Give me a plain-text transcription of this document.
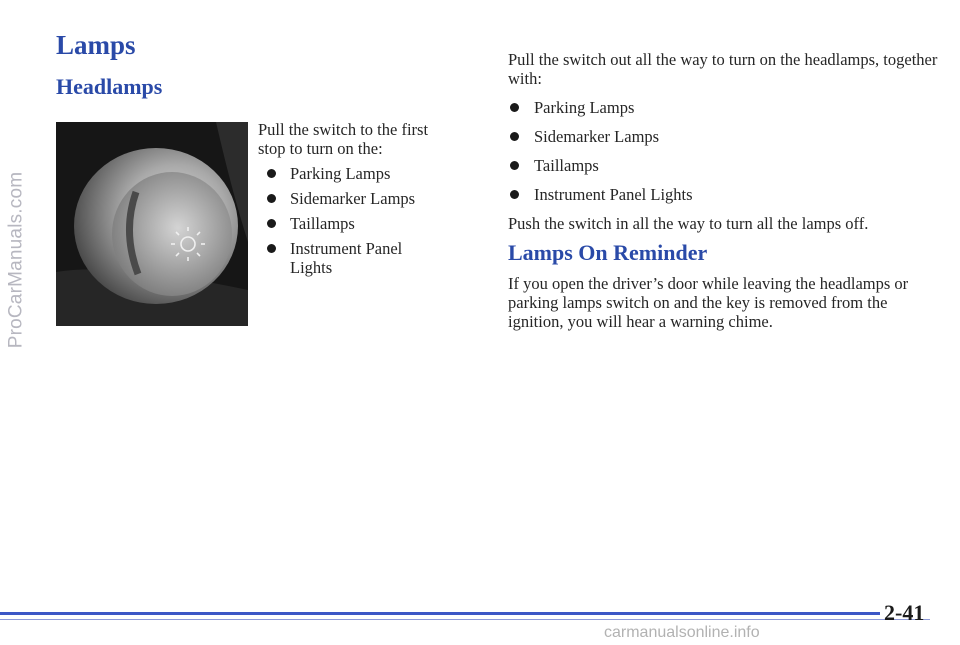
ProCarManuals.com
Lamps
Headlamps

Pull the switch to the first stop to turn on the:

Parking Lamps
Sidemarker Lamps
Taillamps
Instrument Panel Lights

Pull the switch out all the way to turn on the headlamps, together with:

Parking Lamps
Sidemarker Lamps
Taillamps
Instrument Panel Lights

Push the switch in all the way to turn all the lamps off.

Lamps On Reminder

If you open the driver’s door while leaving the headlamps or parking lamps switch on and the key is removed from the ignition, you will hear a warning chime.

2-41
carmanualsonline.info
